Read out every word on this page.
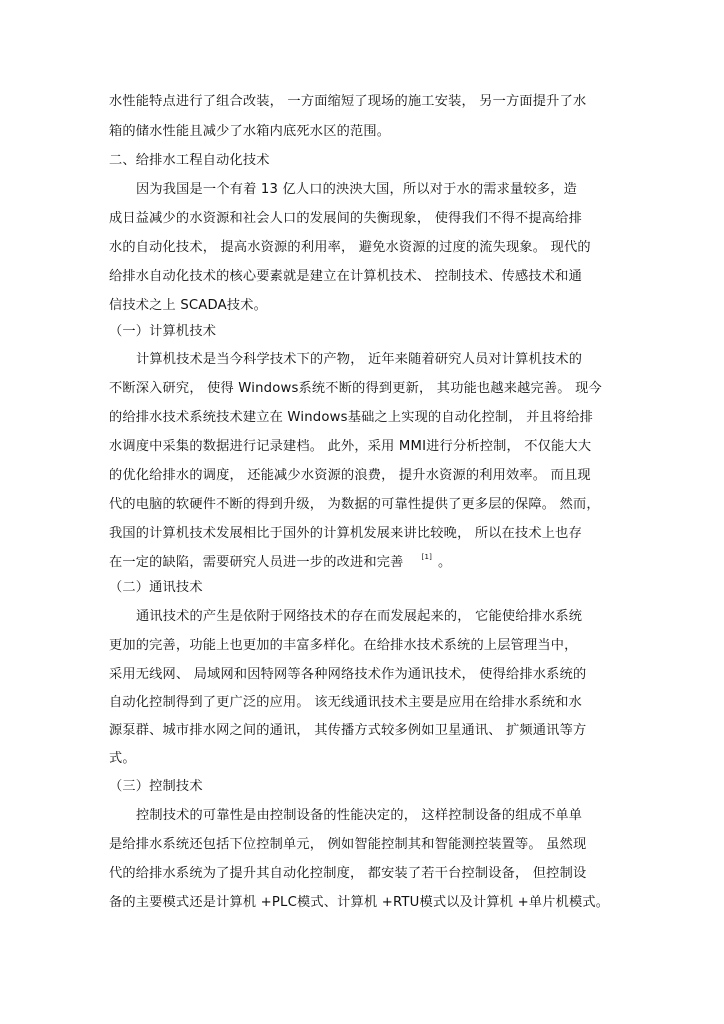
水性能特点进行了组合改装， 一方面缩短了现场的施工安装， 另一方面提升了水
箱的储水性能且减少了水箱内底死水区的范围。
二、给排水工程自动化技术
因为我国是一个有着 13 亿人口的泱泱大国，所以对于水的需求量较多，造
成日益减少的水资源和社会人口的发展间的失衡现象， 使得我们不得不提高给排
水的自动化技术， 提高水资源的利用率， 避免水资源的过度的流失现象。 现代的
给排水自动化技术的核心要素就是建立在计算机技术、 控制技术、传感技术和通
信技术之上 SCADA技术。
（一）计算机技术
计算机技术是当今科学技术下的产物， 近年来随着研究人员对计算机技术的
不断深入研究， 使得 Windows系统不断的得到更新， 其功能也越来越完善。 现今
的给排水技术系统技术建立在 Windows基础之上实现的自动化控制， 并且将给排
水调度中采集的数据进行记录建档。 此外，采用 MMI进行分析控制， 不仅能大大
的优化给排水的调度， 还能减少水资源的浪费， 提升水资源的利用效率。 而且现
代的电脑的软硬件不断的得到升级， 为数据的可靠性提供了更多层的保障。 然而，
我国的计算机技术发展相比于国外的计算机发展来讲比较晚， 所以在技术上也存
在一定的缺陷，需要研究人员进一步的改进和完善	[1] 。
（二）通讯技术
通讯技术的产生是依附于网络技术的存在而发展起来的， 它能使给排水系统
更加的完善，功能上也更加的丰富多样化。在给排水技术系统的上层管理当中，
采用无线网、 局域网和因特网等各种网络技术作为通讯技术， 使得给排水系统的
自动化控制得到了更广泛的应用。 该无线通讯技术主要是应用在给排水系统和水
源泵群、城市排水网之间的通讯， 其传播方式较多例如卫星通讯、 扩频通讯等方
式。
（三）控制技术
控制技术的可靠性是由控制设备的性能决定的， 这样控制设备的组成不单单
是给排水系统还包括下位控制单元， 例如智能控制其和智能测控装置等。 虽然现
代的给排水系统为了提升其自动化控制度， 都安装了若干台控制设备， 但控制设
备的主要模式还是计算机 +PLC模式、计算机 +RTU模式以及计算机 +单片机模式。
